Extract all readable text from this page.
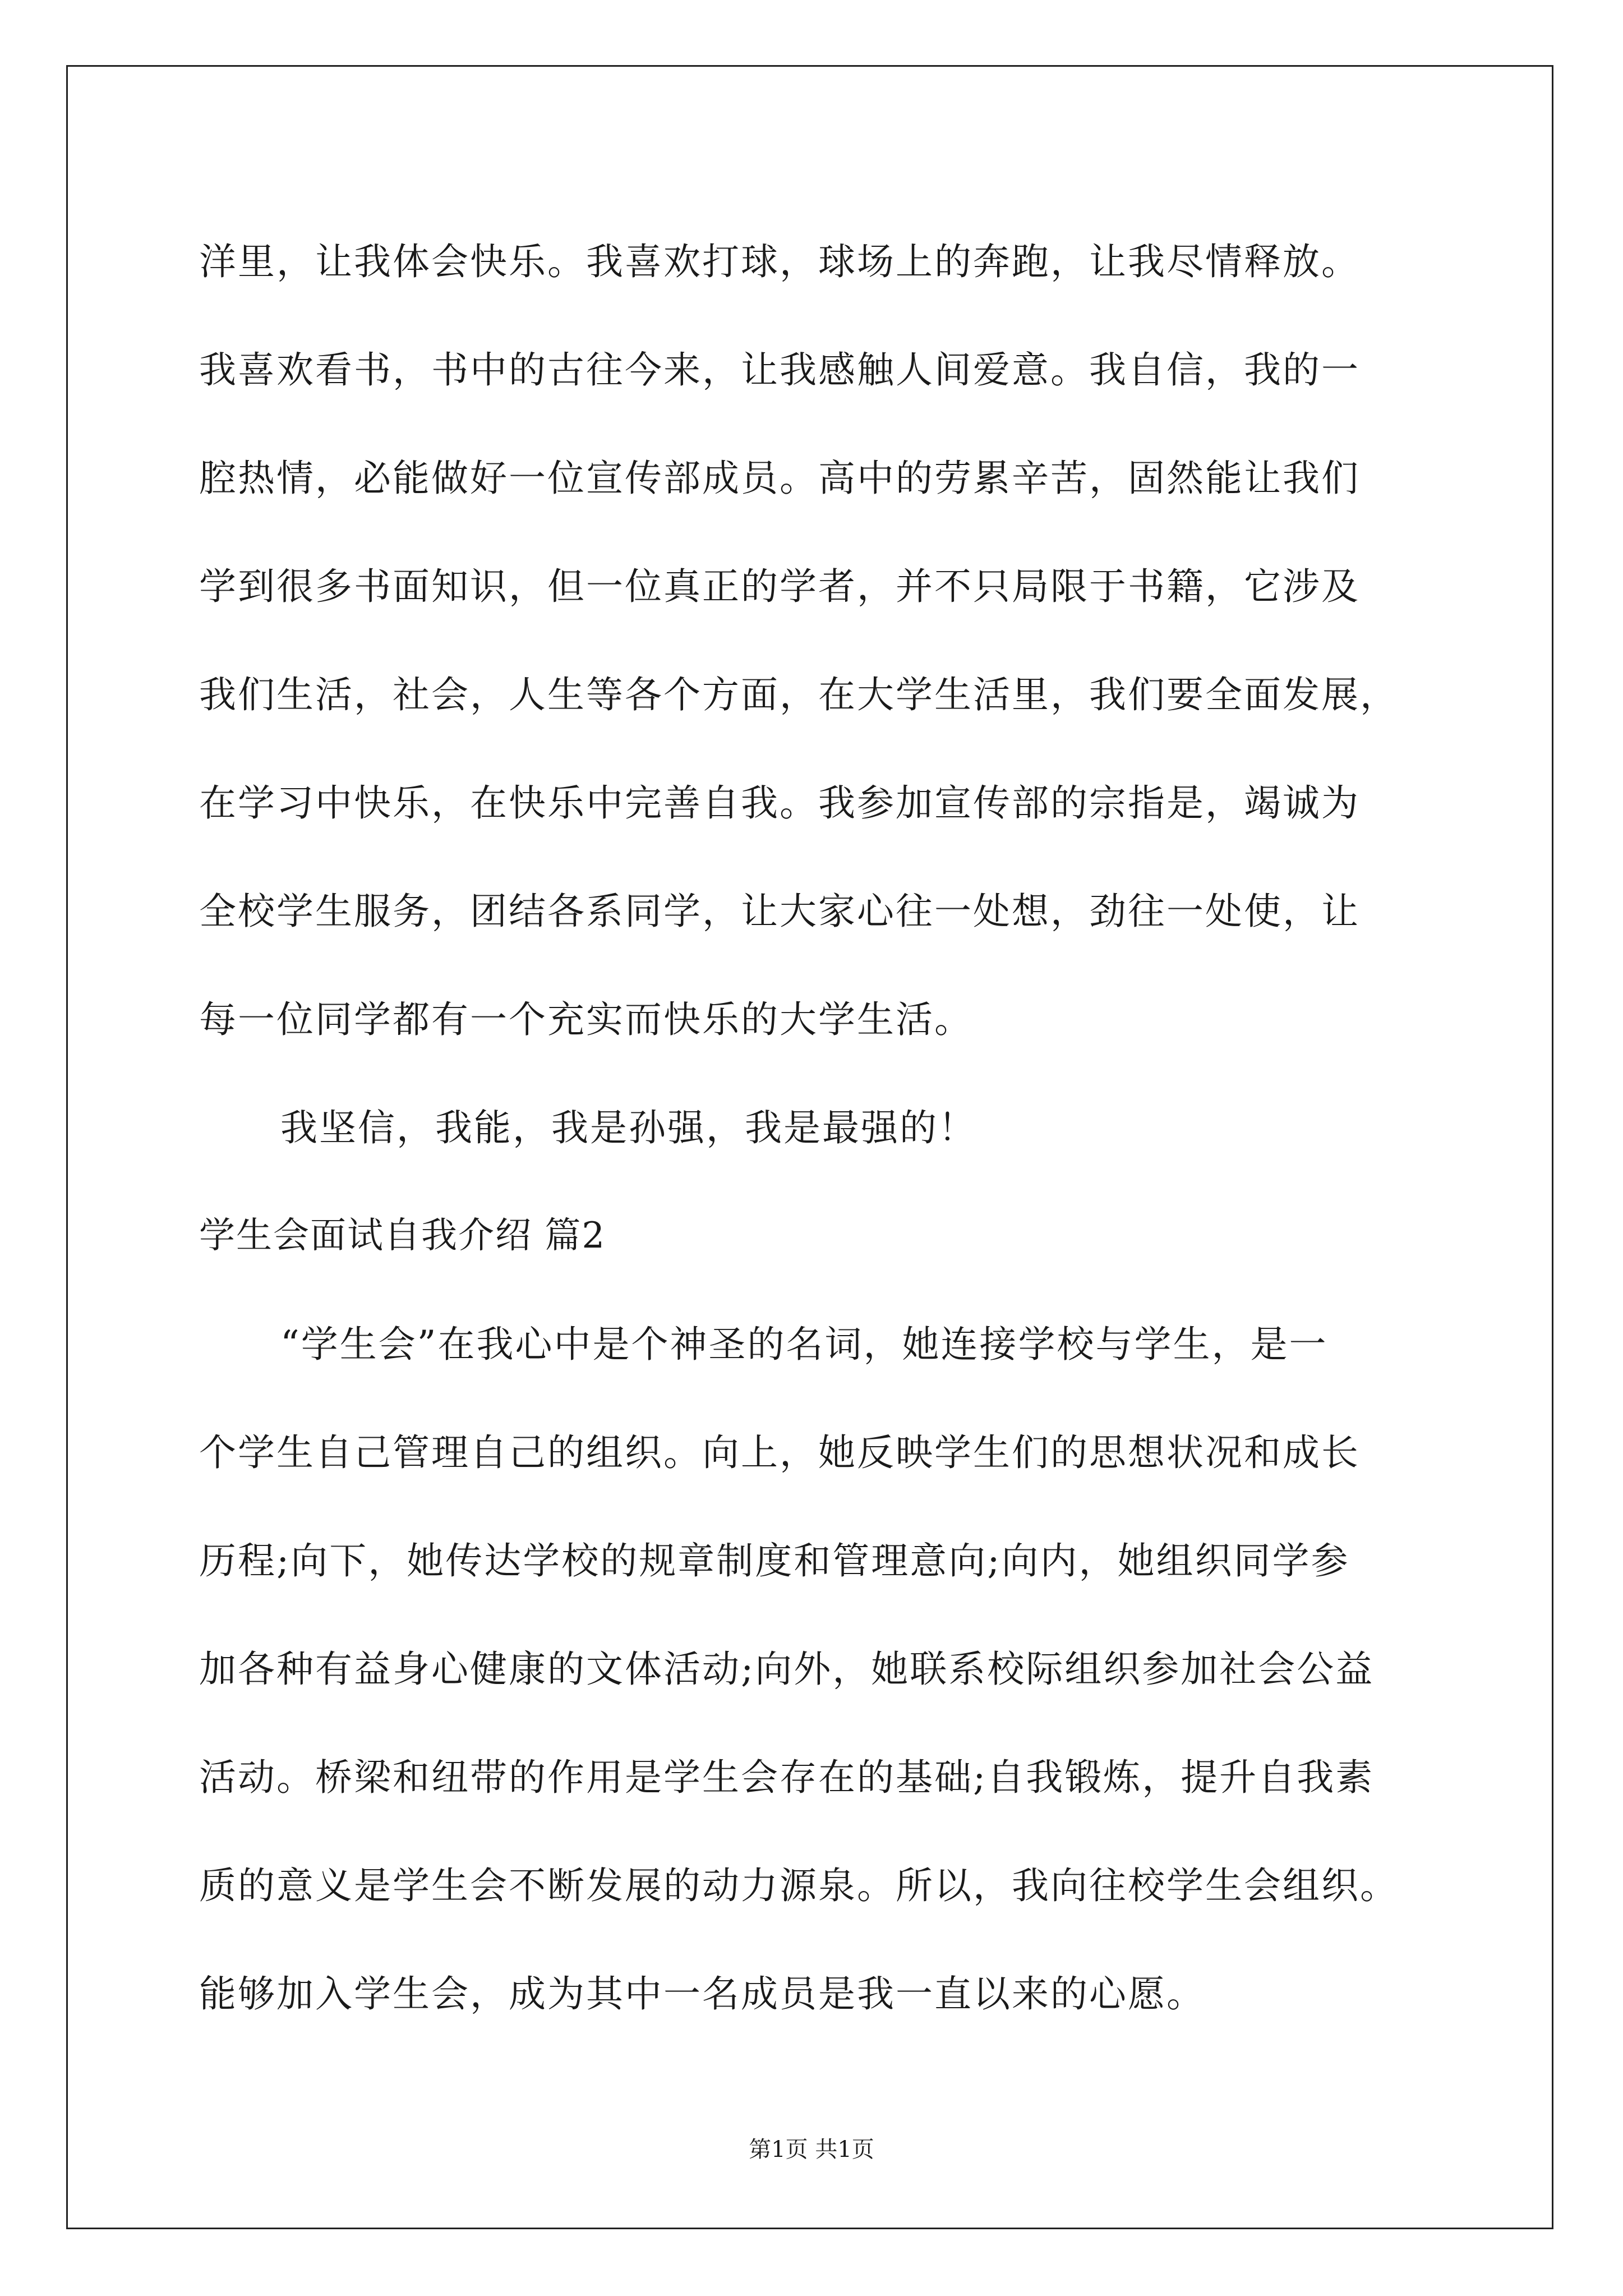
洋里，让我体会快乐。我喜欢打球，球场上的奔跑，让我尽情释放。
我喜欢看书，书中的古往今来，让我感触人间爱意。我自信，我的一
腔热情，必能做好一位宣传部成员。高中的劳累辛苦，固然能让我们
学到很多书面知识，但一位真正的学者，并不只局限于书籍，它涉及
我们生活，社会，人生等各个方面，在大学生活里，我们要全面发展，
在学习中快乐，在快乐中完善自我。我参加宣传部的宗指是，竭诚为
全校学生服务，团结各系同学，让大家心往一处想，劲往一处使，让
每一位同学都有一个充实而快乐的大学生活。
我坚信，我能，我是孙强，我是最强的！
学生会面试自我介绍 篇2
“学生会”在我心中是个神圣的名词，她连接学校与学生，是一
个学生自己管理自己的组织。向上，她反映学生们的思想状况和成长
历程;向下，她传达学校的规章制度和管理意向;向内，她组织同学参
加各种有益身心健康的文体活动;向外，她联系校际组织参加社会公益
活动。桥梁和纽带的作用是学生会存在的基础;自我锻炼，提升自我素
质的意义是学生会不断发展的动力源泉。所以，我向往校学生会组织。
能够加入学生会，成为其中一名成员是我一直以来的心愿。
第1页 共1页
